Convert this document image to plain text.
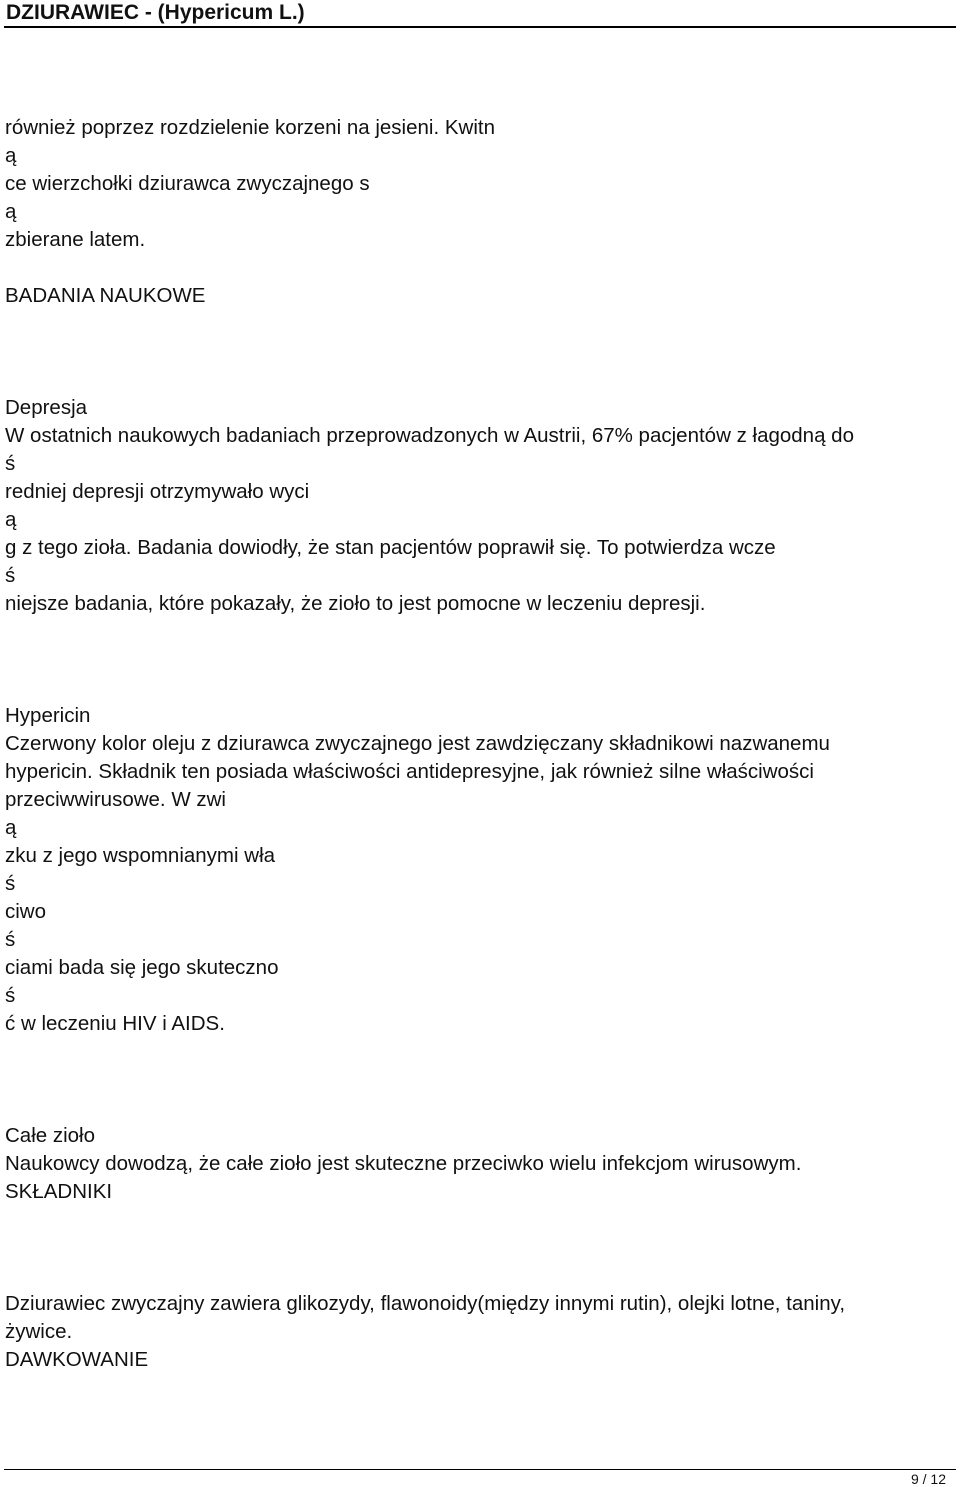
DZIURAWIEC - (Hypericum L.)
również poprzez rozdzielenie korzeni na jesieni. Kwitn
ą
ce wierzchołki dziurawca zwyczajnego s
ą
zbierane latem.
BADANIA NAUKOWE
Depresja
W ostatnich naukowych badaniach przeprowadzonych w Austrii, 67% pacjentów z łagodną do
ś
redniej depresji otrzymywało wyci
ą
g z tego zioła. Badania dowiodły, że stan pacjentów poprawił się. To potwierdza wcze
ś
niejsze badania, które pokazały, że zioło to jest pomocne w leczeniu depresji.
Hypericin
Czerwony kolor oleju z dziurawca zwyczajnego jest zawdzięczany składnikowi nazwanemu
hypericin. Składnik ten posiada właściwości antidepresyjne, jak również silne właściwości
przeciwwirusowe. W zwi
ą
zku z jego wspomnianymi wła
ś
ciwo
ś
ciami bada się jego skuteczno
ś
ć w leczeniu HIV i AIDS.
Całe zioło
Naukowcy dowodzą, że całe zioło jest skuteczne przeciwko wielu infekcjom wirusowym.
SKŁADNIKI
Dziurawiec zwyczajny zawiera glikozydy, flawonoidy(między innymi rutin), olejki lotne, taniny,
żywice.
DAWKOWANIE
9 / 12
